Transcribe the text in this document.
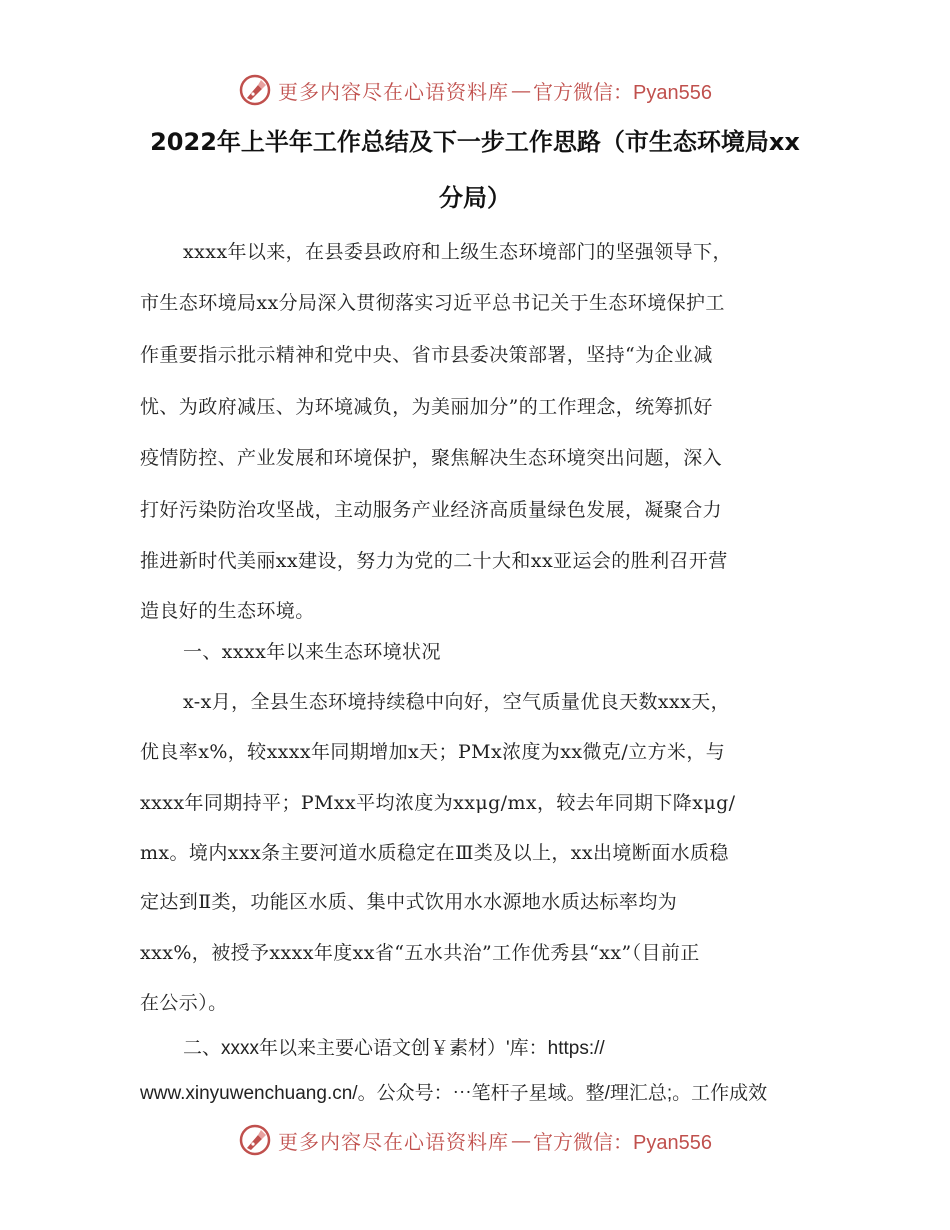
更多内容尽在心语资料库 — 官方微信：Pyan556
2022年上半年工作总结及下一步工作思路（市生态环境局xx
分局）
xxxx年以来，在县委县政府和上级生态环境部门的坚强领导下，
市生态环境局xx分局深入贯彻落实习近平总书记关于生态环境保护工
作重要指示批示精神和党中央、省市县委决策部署，坚持“为企业减
忧、为政府减压、为环境减负，为美丽加分”的工作理念，统筹抓好
疫情防控、产业发展和环境保护，聚焦解决生态环境突出问题，深入
打好污染防治攻坚战，主动服务产业经济高质量绿色发展，凝聚合力
推进新时代美丽xx建设，努力为党的二十大和xx亚运会的胜利召开营
造良好的生态环境。
一、xxxx年以来生态环境状况
x-x月，全县生态环境持续稳中向好，空气质量优良天数xxx天，
优良率x%，较xxxx年同期增加x天；PMx浓度为xx微克/立方米，与
xxxx年同期持平；PMxx平均浓度为xxμg/mx，较去年同期下降xμg/
mx。境内xxx条主要河道水质稳定在Ⅲ类及以上，xx出境断面水质稳
定达到Ⅱ类，功能区水质、集中式饮用水水源地水质达标率均为
xxx%，被授予xxxx年度xx省“五水共治”工作优秀县“xx”（目前正
在公示）。
二、xxxx年以来主要心语文创￥素材）'库：https://
www.xinyuwenchuang.cn/。公众号：⋯笔杆子星域。整/理汇总;。工作成效
更多内容尽在心语资料库 — 官方微信：Pyan556
